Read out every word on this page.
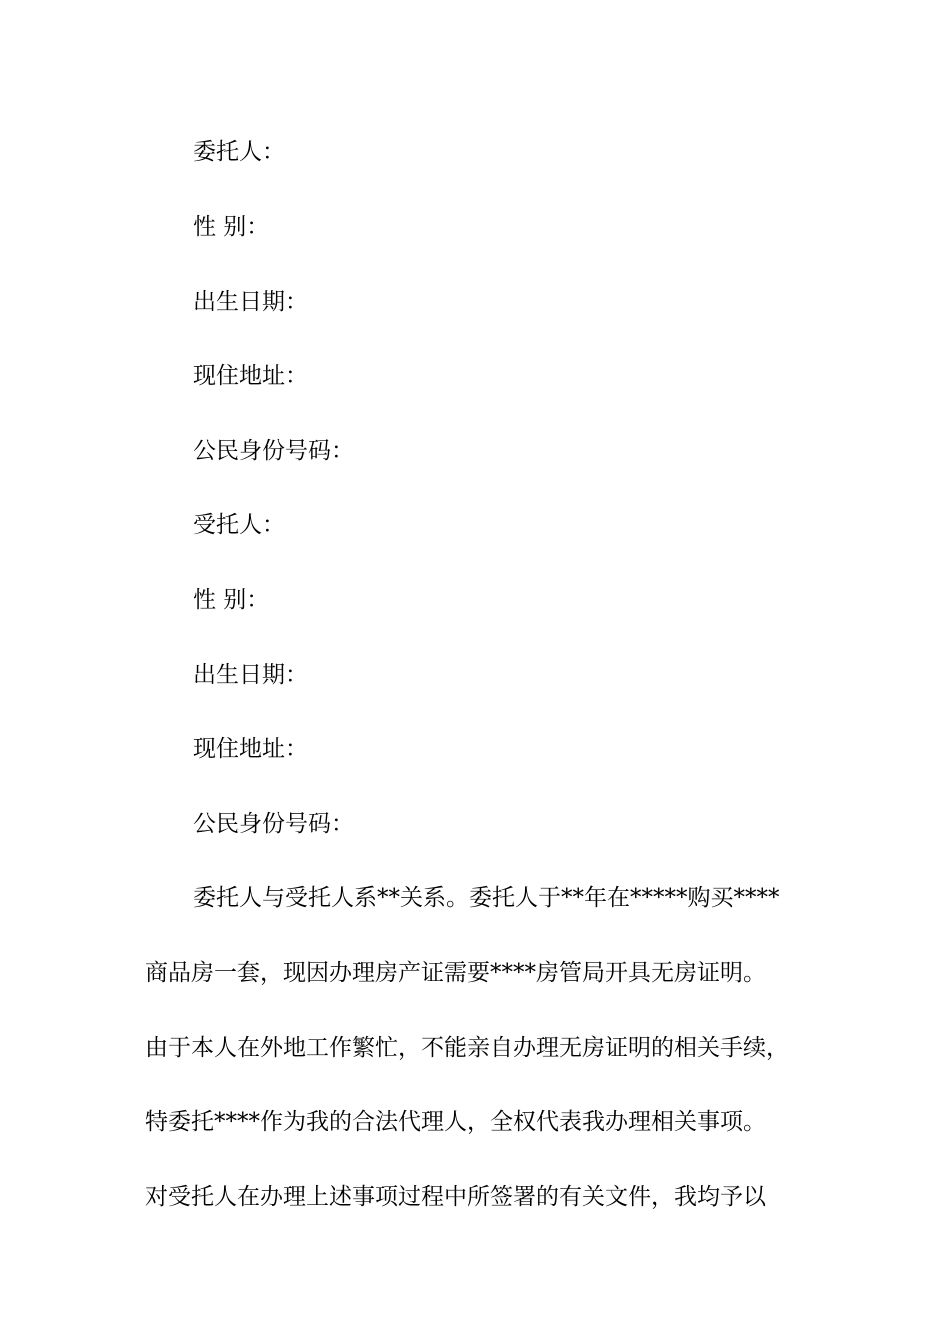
委托人：
性 别：
出生日期：
现住地址：
公民身份号码：
受托人：
性 别：
出生日期：
现住地址：
公民身份号码：
委托人与受托人系**关系。委托人于**年在*****购买****
商品房一套，现因办理房产证需要****房管局开具无房证明。
由于本人在外地工作繁忙，不能亲自办理无房证明的相关手续，
特委托****作为我的合法代理人，全权代表我办理相关事项。
对受托人在办理上述事项过程中所签署的有关文件，我均予以
